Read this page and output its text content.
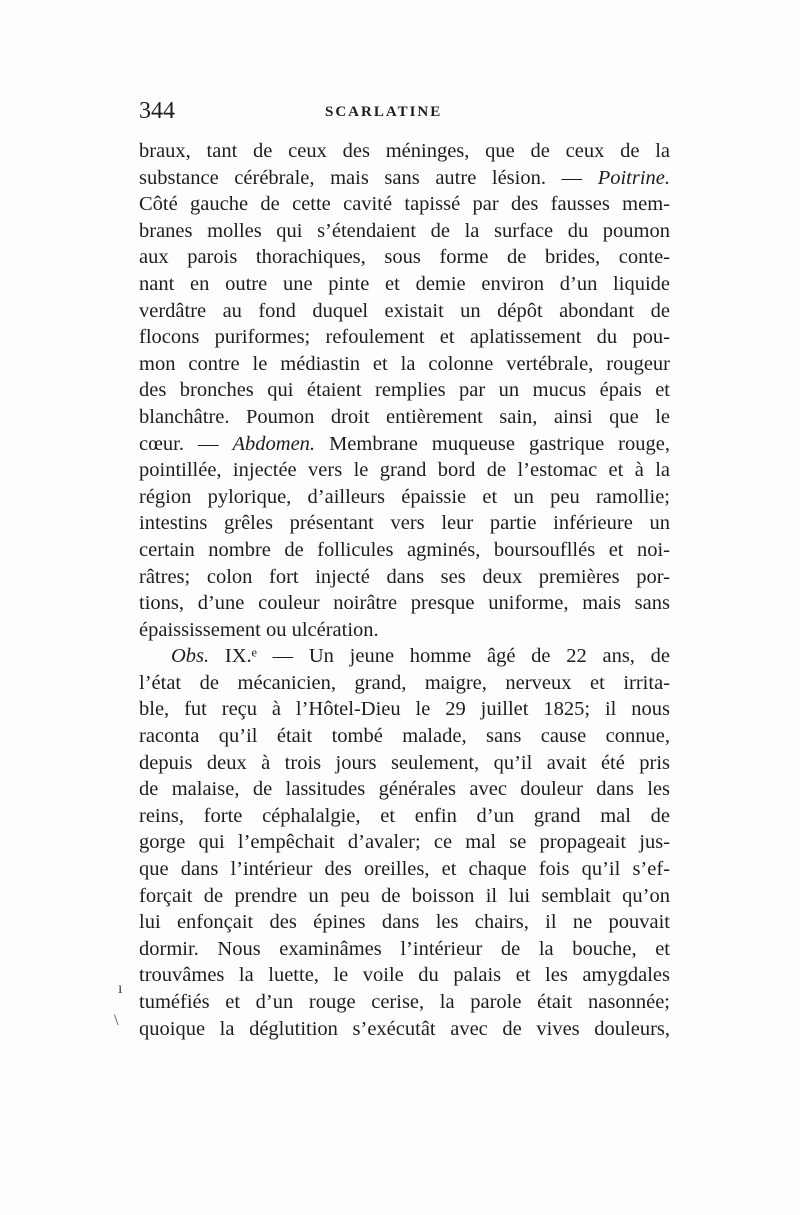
344	SCARLATINE
braux, tant de ceux des méninges, que de ceux de la
substance cérébrale, mais sans autre lésion. — Poitrine.
Côté gauche de cette cavité tapissé par des fausses mem-
branes molles qui s’étendaient de la surface du poumon
aux parois thorachiques, sous forme de brides, conte-
nant en outre une pinte et demie environ d’un liquide
verdâtre au fond duquel existait un dépôt abondant de
flocons puriformes; refoulement et aplatissement du pou-
mon contre le médiastin et la colonne vertébrale, rougeur
des bronches qui étaient remplies par un mucus épais et
blanchâtre. Poumon droit entièrement sain, ainsi que le
cœur. — Abdomen. Membrane muqueuse gastrique rouge,
pointillée, injectée vers le grand bord de l’estomac et à la
région pylorique, d’ailleurs épaissie et un peu ramollie;
intestins grêles présentant vers leur partie inférieure un
certain nombre de follicules agminés, boursoufllés et noi-
râtres; colon fort injecté dans ses deux premières por-
tions, d’une couleur noirâtre presque uniforme, mais sans
épaississement ou ulcération.
Obs. IX.ᵉ — Un jeune homme âgé de 22 ans, de
l’état de mécanicien, grand, maigre, nerveux et irrita-
ble, fut reçu à l’Hôtel-Dieu le 29 juillet 1825; il nous
raconta qu’il était tombé malade, sans cause connue,
depuis deux à trois jours seulement, qu’il avait été pris
de malaise, de lassitudes générales avec douleur dans les
reins, forte céphalalgie, et enfin d’un grand mal de
gorge qui l’empêchait d’avaler; ce mal se propageait jus-
que dans l’intérieur des oreilles, et chaque fois qu’il s’ef-
forçait de prendre un peu de boisson il lui semblait qu’on
lui enfonçait des épines dans les chairs, il ne pouvait
dormir. Nous examinâmes l’intérieur de la bouche, et
trouvâmes la luette, le voile du palais et les amygdales
tuméfiés et d’un rouge cerise, la parole était nasonnée;
quoique la déglutition s’exécutât avec de vives douleurs,
ı
\
